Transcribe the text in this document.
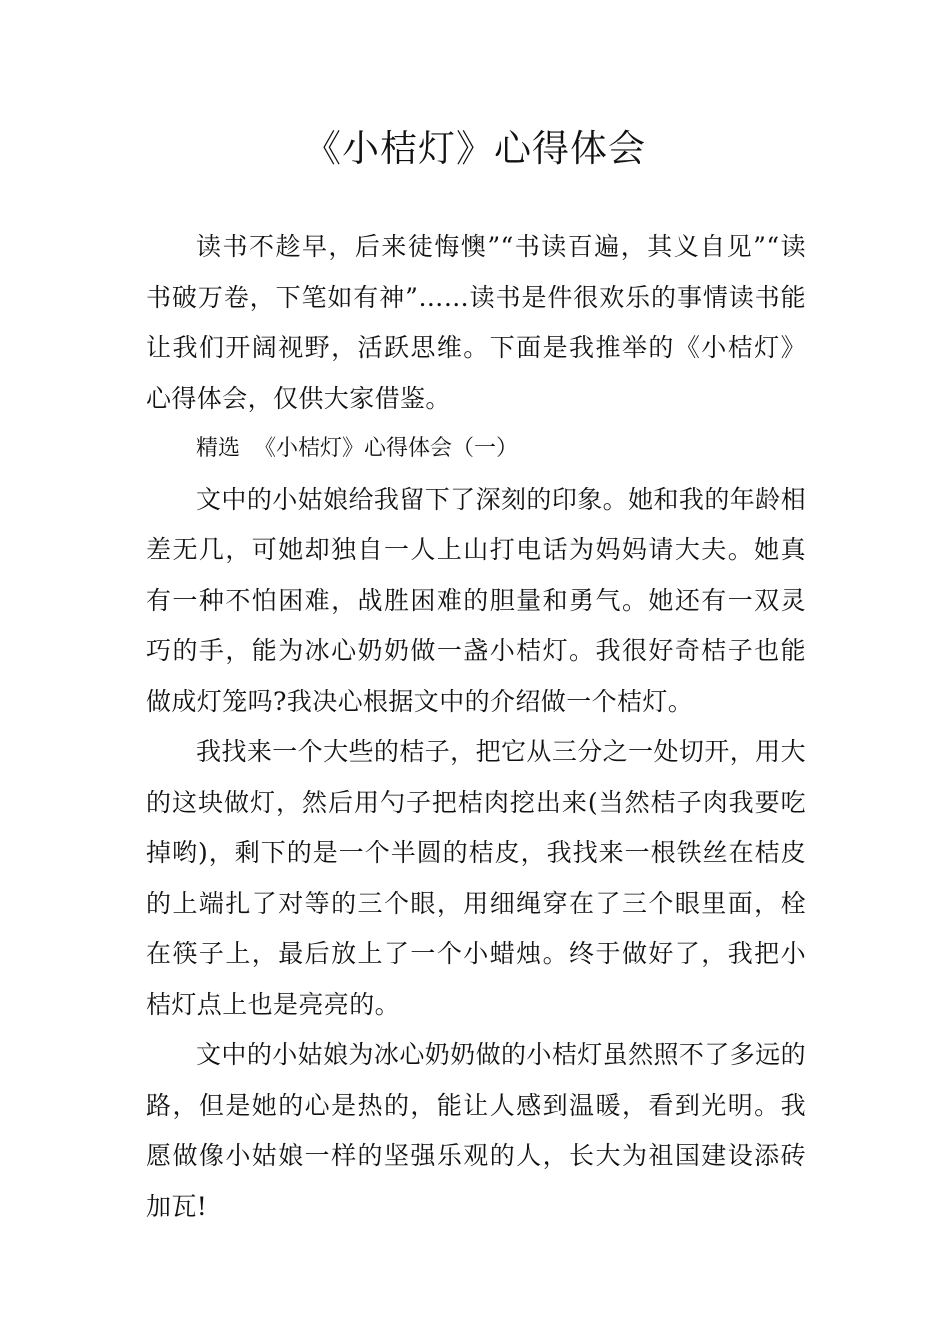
《小桔灯》心得体会

读书不趁早，后来徒悔懊”“书读百遍，其义自见”“读书破万卷，下笔如有神”……读书是件很欢乐的事情读书能让我们开阔视野，活跃思维。下面是我推举的《小桔灯》心得体会，仅供大家借鉴。

精选  《小桔灯》心得体会（一）

文中的小姑娘给我留下了深刻的印象。她和我的年龄相差无几，可她却独自一人上山打电话为妈妈请大夫。她真有一种不怕困难，战胜困难的胆量和勇气。她还有一双灵巧的手，能为冰心奶奶做一盏小桔灯。我很好奇桔子也能做成灯笼吗?我决心根据文中的介绍做一个桔灯。

我找来一个大些的桔子，把它从三分之一处切开，用大的这块做灯，然后用勺子把桔肉挖出来(当然桔子肉我要吃掉哟)，剩下的是一个半圆的桔皮，我找来一根铁丝在桔皮的上端扎了对等的三个眼，用细绳穿在了三个眼里面，栓在筷子上，最后放上了一个小蜡烛。终于做好了，我把小桔灯点上也是亮亮的。

文中的小姑娘为冰心奶奶做的小桔灯虽然照不了多远的路，但是她的心是热的，能让人感到温暖，看到光明。我愿做像小姑娘一样的坚强乐观的人，长大为祖国建设添砖加瓦!
